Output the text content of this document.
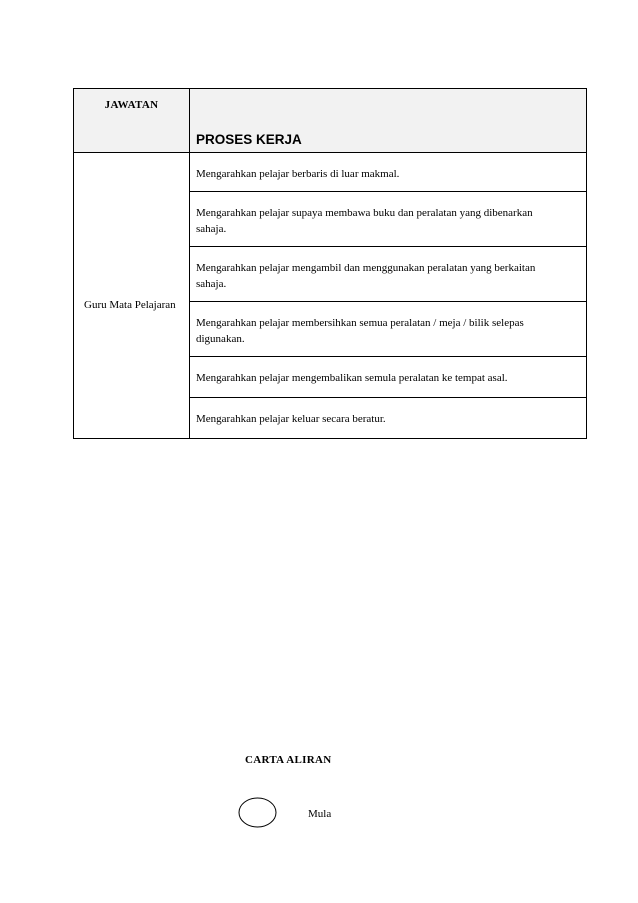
JAWATAN	PROSES KERJA

Guru Mata Pelajaran	Mengarahkan pelajar berbaris di luar makmal.
	Mengarahkan pelajar supaya membawa buku dan peralatan yang dibenarkan sahaja.
	Mengarahkan pelajar mengambil dan menggunakan peralatan yang berkaitan sahaja.
	Mengarahkan pelajar membersihkan semua peralatan / meja / bilik selepas digunakan.
	Mengarahkan pelajar mengembalikan semula peralatan ke tempat asal.
	Mengarahkan pelajar keluar secara beratur.
CARTA ALIRAN
Mula
